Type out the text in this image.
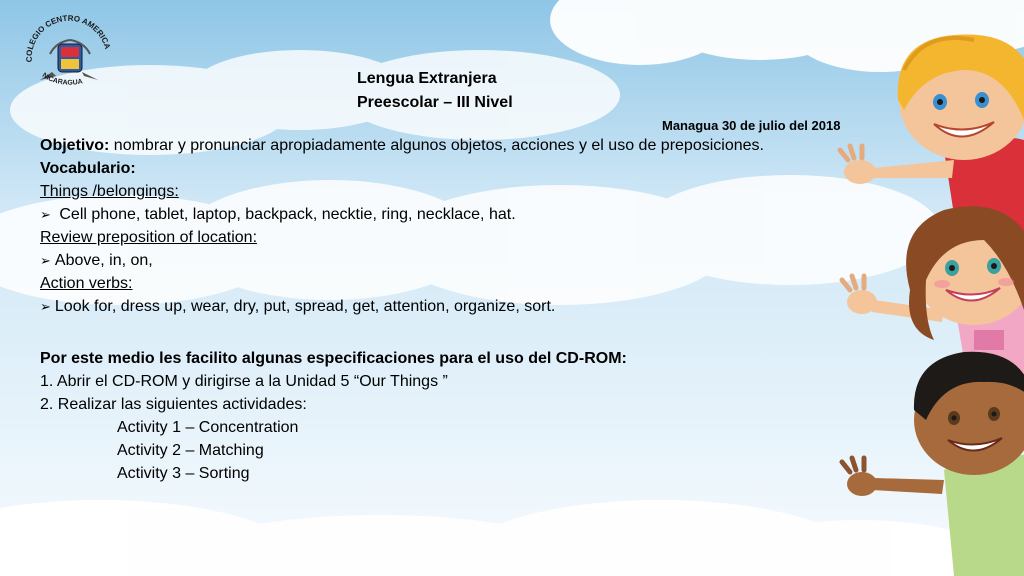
COLEGIO CENTRO AMERICA
NICARAGUA	Lengua Extranjera
Preescolar – III Nivel
Managua 30 de julio del 2018
Objetivo: nombrar y pronunciar apropiadamente algunos objetos, acciones y el uso de preposiciones.
Vocabulario:
Things /belongings:
➢ Cell phone, tablet, laptop, backpack, necktie, ring, necklace, hat.
Review preposition of location:
➢ Above, in, on,
Action verbs:
➢ Look for, dress up, wear, dry, put, spread, get, attention, organize, sort.
Por este medio les facilito algunas especificaciones para el uso del CD-ROM:
1. Abrir el CD-ROM y dirigirse a la Unidad 5 “Our Things ”
2. Realizar las siguientes actividades:
Activity 1 – Concentration
Activity 2 – Matching
Activity 3 – Sorting
